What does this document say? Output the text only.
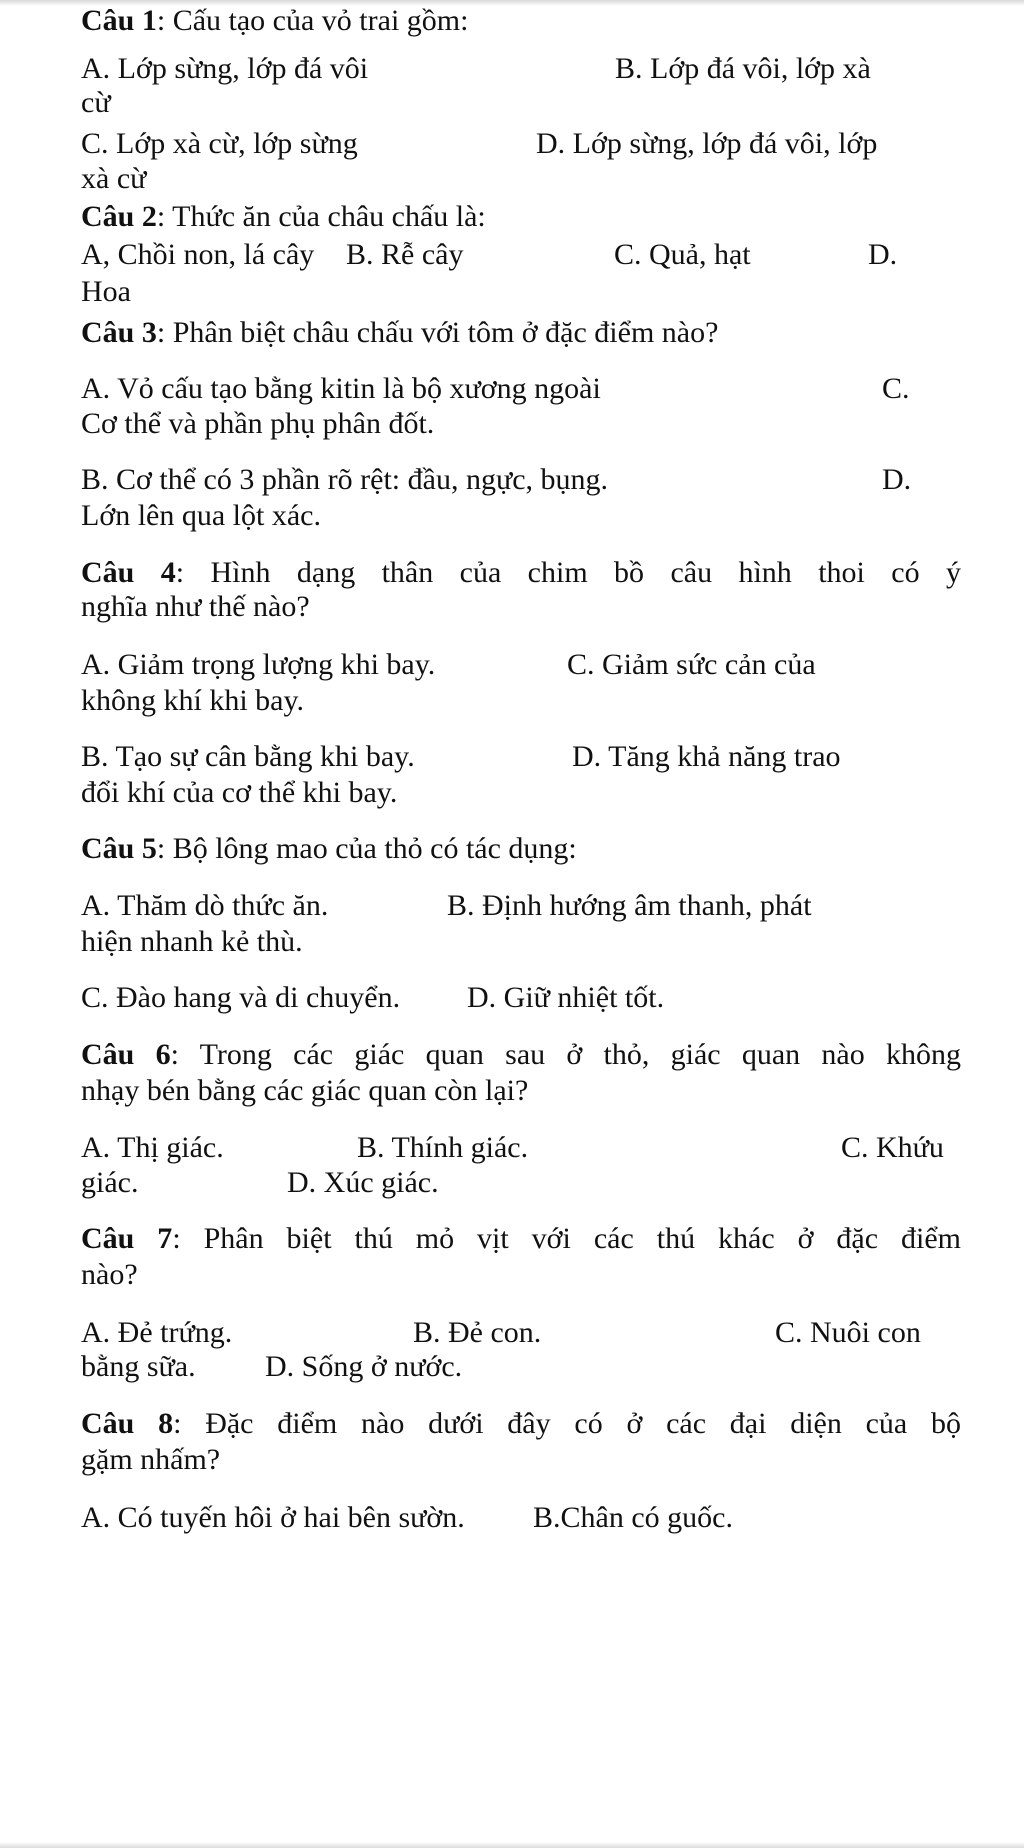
Câu 1: Cấu tạo của vỏ trai gồm:

A. Lớp sừng, lớp đá vôi	B. Lớp đá vôi, lớp xà

cừ

C. Lớp xà cừ, lớp sừng	D. Lớp sừng, lớp đá vôi, lớp

xà cừ

Câu 2: Thức ăn của châu chấu là:

A, Chồi non, lá cây B. Rễ cây	C. Quả, hạt	D.

Hoa

Câu 3: Phân biệt châu chấu với tôm ở đặc điểm nào?

A. Vỏ cấu tạo bằng kitin là bộ xương ngoài	C.

Cơ thể và phần phụ phân đốt.

B. Cơ thể có 3 phần rõ rệt: đầu, ngực, bụng.	D.

Lớn lên qua lột xác.

Câu 4: Hình dạng thân của chim bồ câu hình thoi có ý

nghĩa như thế nào?

A. Giảm trọng lượng khi bay.	C. Giảm sức cản của

không khí khi bay.

B. Tạo sự cân bằng khi bay.	D. Tăng khả năng trao

đổi khí của cơ thể khi bay.

Câu 5: Bộ lông mao của thỏ có tác dụng:

A. Thăm dò thức ăn.	B. Định hướng âm thanh, phát

hiện nhanh kẻ thù.

C. Đào hang và di chuyển. D. Giữ nhiệt tốt.

Câu 6: Trong các giác quan sau ở thỏ, giác quan nào không

nhạy bén bằng các giác quan còn lại?

A. Thị giác.	B. Thính giác.	C. Khứu

giác.	D. Xúc giác.

Câu 7: Phân biệt thú mỏ vịt với các thú khác ở đặc điểm

nào?

A. Đẻ trứng.	B. Đẻ con.	C. Nuôi con

bằng sữa. D. Sống ở nước.

Câu 8: Đặc điểm nào dưới đây có ở các đại diện của bộ

gặm nhấm?

A. Có tuyến hôi ở hai bên sườn. B.Chân có guốc.
